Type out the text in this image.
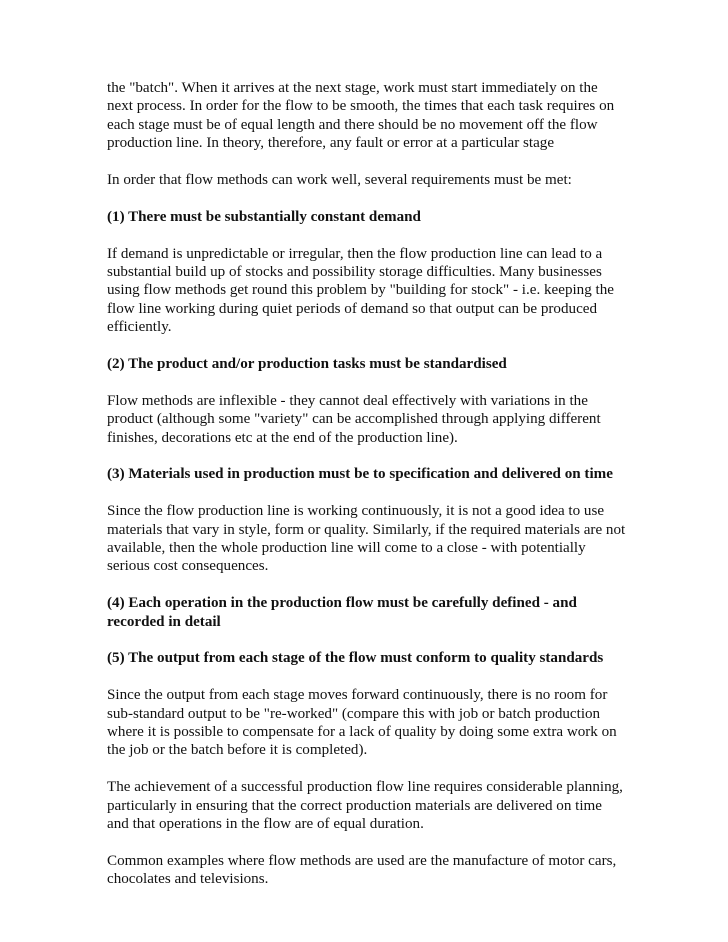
the "batch". When it arrives at the next stage, work must start immediately on the next process. In order for the flow to be smooth, the times that each task requires on each stage must be of equal length and there should be no movement off the flow production line. In theory, therefore, any fault or error at a particular stage

In order that flow methods can work well, several requirements must be met:

(1) There must be substantially constant demand

If demand is unpredictable or irregular, then the flow production line can lead to a substantial build up of stocks and possibility storage difficulties. Many businesses using flow methods get round this problem by "building for stock" - i.e. keeping the flow line working during quiet periods of demand so that output can be produced efficiently.

(2) The product and/or production tasks must be standardised

Flow methods are inflexible - they cannot deal effectively with variations in the product (although some "variety" can be accomplished through applying different finishes, decorations etc at the end of the production line).

(3) Materials used in production must be to specification and delivered on time

Since the flow production line is working continuously, it is not a good idea to use materials that vary in style, form or quality. Similarly, if the required materials are not available, then the whole production line will come to a close - with potentially serious cost consequences.

(4) Each operation in the production flow must be carefully defined - and recorded in detail

(5) The output from each stage of the flow must conform to quality standards

Since the output from each stage moves forward continuously, there is no room for sub-standard output to be "re-worked" (compare this with job or batch production where it is possible to compensate for a lack of quality by doing some extra work on the job or the batch before it is completed).

The achievement of a successful production flow line requires considerable planning, particularly in ensuring that the correct production materials are delivered on time and that operations in the flow are of equal duration.

Common examples where flow methods are used are the manufacture of motor cars, chocolates and televisions.
